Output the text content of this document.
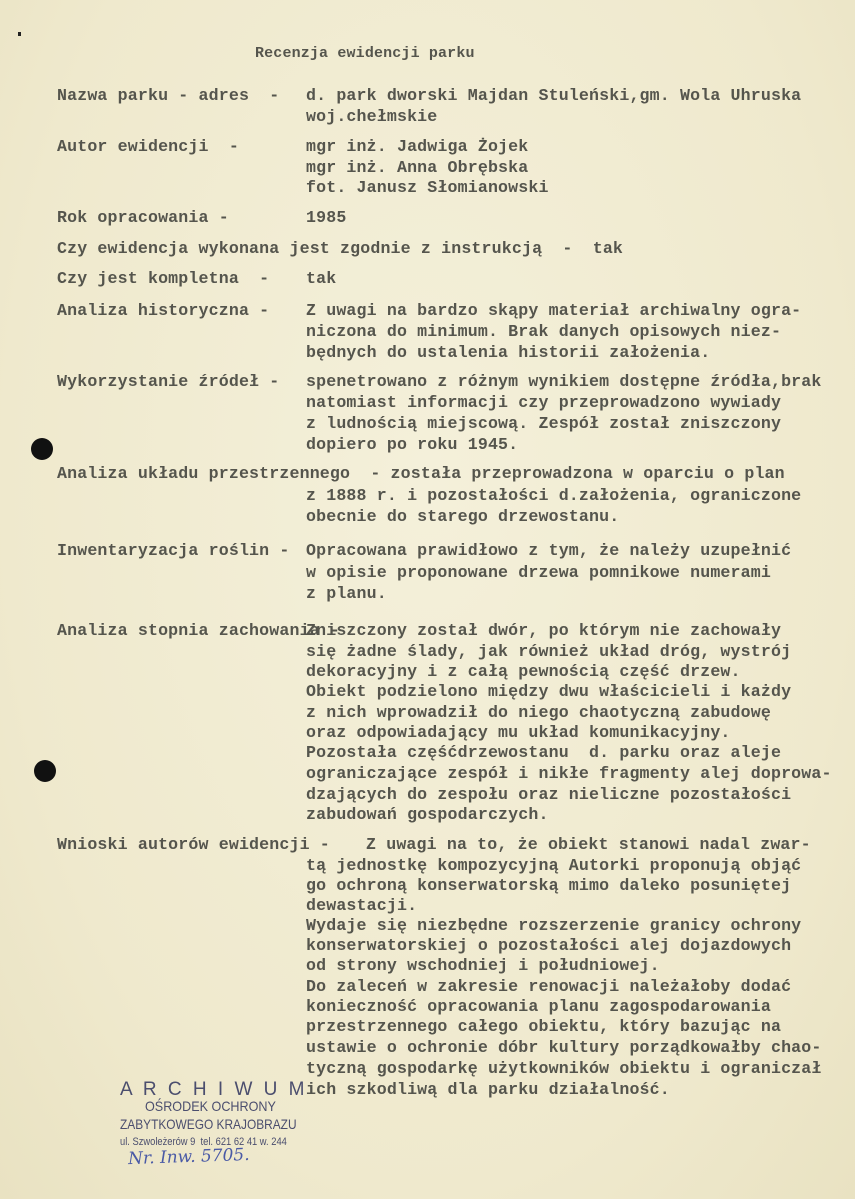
Recenzja ewidencji parku
Nazwa parku - adres  - d. park dworski Majdan Stuleński,gm. Wola Uhruska
woj.chełmskie
Autor ewidencji  -	mgr inż. Jadwiga Żojek
mgr inż. Anna Obrębska
fot. Janusz Słomianowski
Rok opracowania -	1985
Czy ewidencja wykonana jest zgodnie z instrukcją  -  tak
Czy jest kompletna  - tak
Analiza historyczna - Z uwagi na bardzo skąpy materiał archiwalny ogra-
niczona do minimum. Brak danych opisowych niez-
będnych do ustalenia historii założenia.
Wykorzystanie źródeł - spenetrowano z różnym wynikiem dostępne źródła,brak
natomiast informacji czy przeprowadzono wywiady
z ludnością miejscową. Zespół został zniszczony
dopiero po roku 1945.
Analiza układu przestrzennego  - została przeprowadzona w oparciu o plan
z 1888 r. i pozostałości d.założenia, ograniczone
obecnie do starego drzewostanu.
Inwentaryzacja roślin - Opracowana prawidłowo z tym, że należy uzupełnić
w opisie proponowane drzewa pomnikowe numerami
z planu.
Analiza stopnia zachowania -
Zniszczony został dwór, po którym nie zachowały
się żadne ślady, jak również układ dróg, wystrój
dekoracyjny i z całą pewnością część drzew.
Obiekt podzielono między dwu właścicieli i każdy
z nich wprowadził do niego chaotyczną zabudowę
oraz odpowiadający mu układ komunikacyjny.
Pozostała częśćdrzewostanu  d. parku oraz aleje
ograniczające zespół i nikłe fragmenty alej doprowa-
dzających do zespołu oraz nieliczne pozostałości
zabudowań gospodarczych.
Wnioski autorów ewidencji - Z uwagi na to, że obiekt stanowi nadal zwar-
tą jednostkę kompozycyjną Autorki proponują objąć
go ochroną konserwatorską mimo daleko posuniętej
dewastacji.
Wydaje się niezbędne rozszerzenie granicy ochrony
konserwatorskiej o pozostałości alej dojazdowych
od strony wschodniej i południowej.
Do zaleceń w zakresie renowacji należałoby dodać
konieczność opracowania planu zagospodarowania
przestrzennego całego obiektu, który bazując na
ustawie o ochronie dóbr kultury porządkowałby chao-
tyczną gospodarkę użytkowników obiektu i ograniczał
ich szkodliwą dla parku działalność.
A R C H I W U M
OŚRODEK OCHRONY
ZABYTKOWEGO KRAJOBRAZU
ul. Szwoleżerów 9  tel. 621 62 41 w. 244
Nr. Inw. 5705.
